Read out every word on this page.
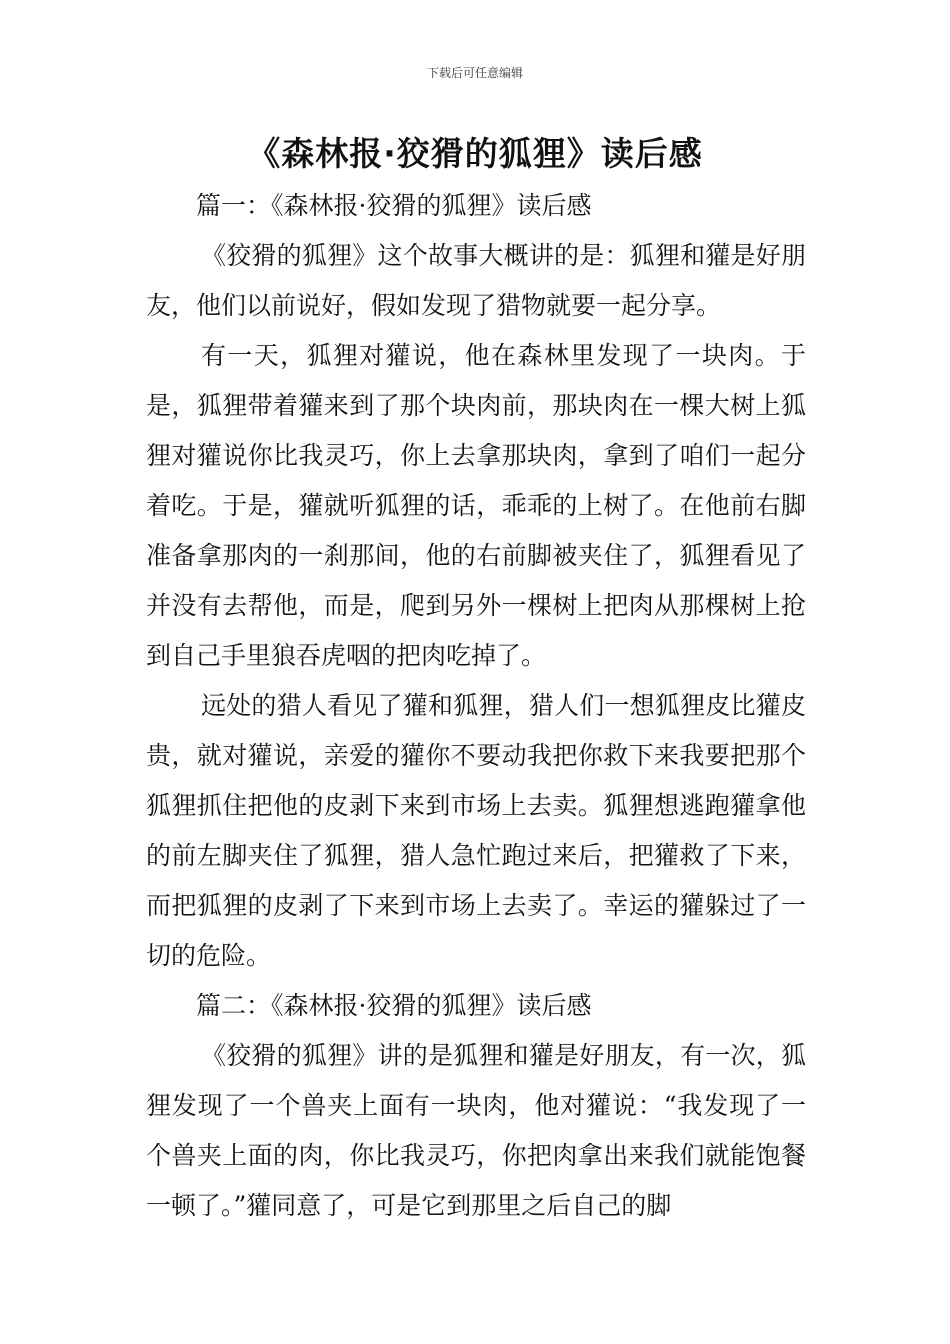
下载后可任意编辑
《森林报·狡猾的狐狸》读后感

篇一：《森林报·狡猾的狐狸》读后感

《狡猾的狐狸》这个故事大概讲的是：狐狸和獾是好朋友，他们以前说好，假如发现了猎物就要一起分享。

有一天，狐狸对獾说，他在森林里发现了一块肉。于是，狐狸带着獾来到了那个块肉前，那块肉在一棵大树上狐狸对獾说你比我灵巧，你上去拿那块肉，拿到了咱们一起分着吃。于是，獾就听狐狸的话，乖乖的上树了。在他前右脚准备拿那肉的一刹那间，他的右前脚被夹住了，狐狸看见了并没有去帮他，而是，爬到另外一棵树上把肉从那棵树上抢到自己手里狼吞虎咽的把肉吃掉了。

远处的猎人看见了獾和狐狸，猎人们一想狐狸皮比獾皮贵，就对獾说，亲爱的獾你不要动我把你救下来我要把那个狐狸抓住把他的皮剥下来到市场上去卖。狐狸想逃跑獾拿他的前左脚夹住了狐狸，猎人急忙跑过来后，把獾救了下来，而把狐狸的皮剥了下来到市场上去卖了。幸运的獾躲过了一切的危险。

篇二：《森林报·狡猾的狐狸》读后感

《狡猾的狐狸》讲的是狐狸和獾是好朋友，有一次，狐狸发现了一个兽夹上面有一块肉，他对獾说：“我发现了一个兽夹上面的肉，你比我灵巧，你把肉拿出来我们就能饱餐一顿了。”獾同意了，可是它到那里之后自己的脚
